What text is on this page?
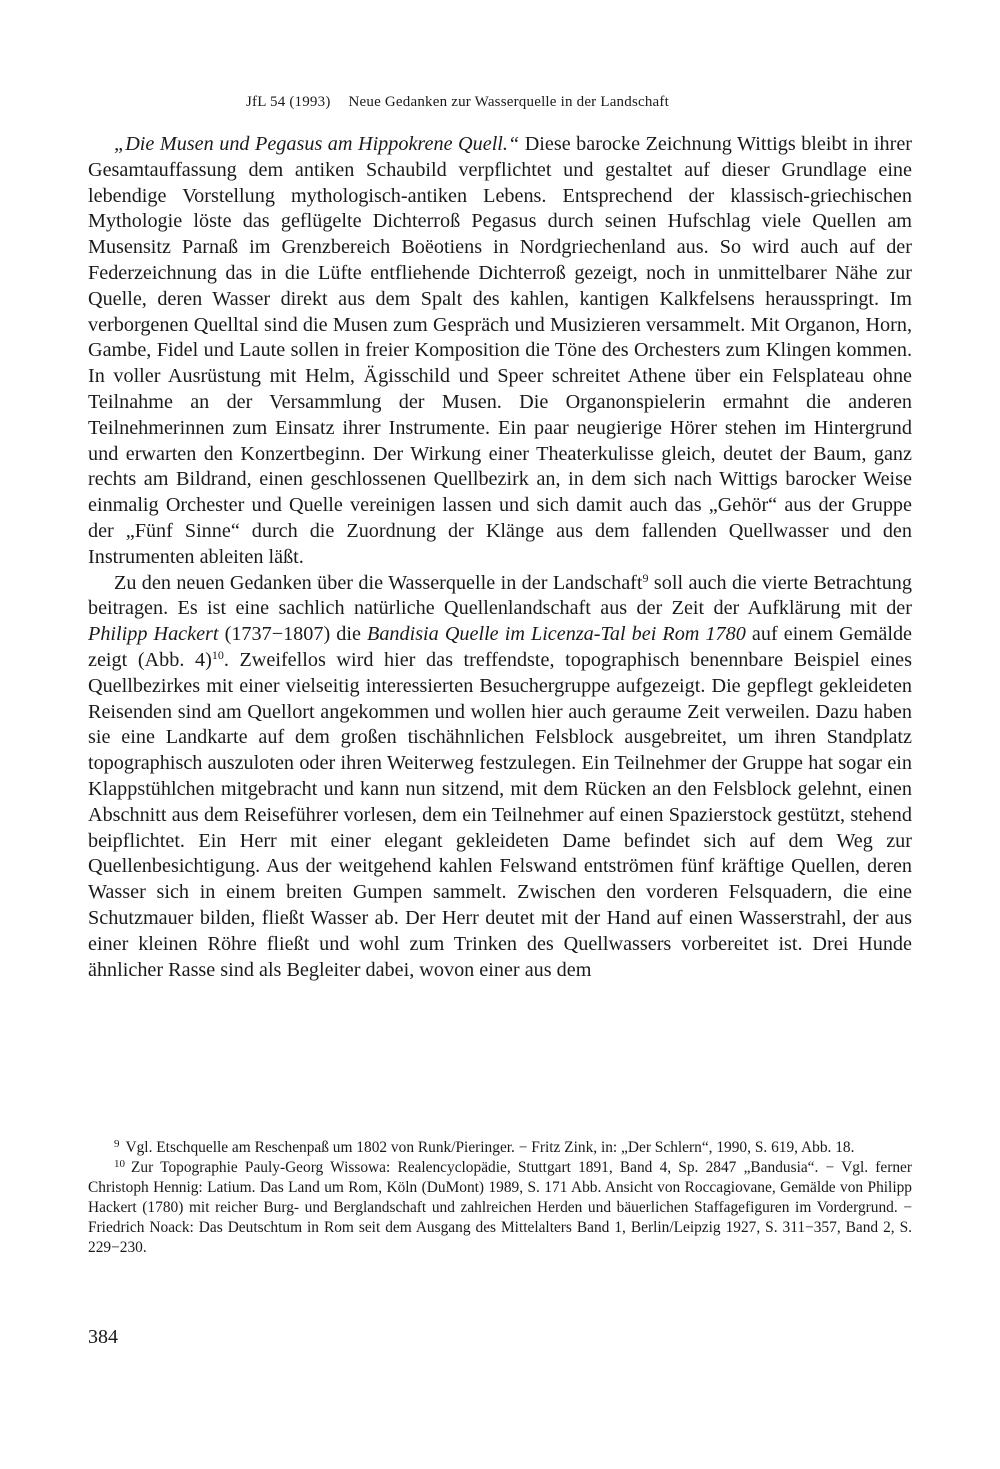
JfL 54 (1993) Neue Gedanken zur Wasserquelle in der Landschaft

„Die Musen und Pegasus am Hippokrene Quell.“ Diese barocke Zeichnung Wittigs bleibt in ihrer Gesamtauffassung dem antiken Schaubild verpflichtet und gestaltet auf dieser Grundlage eine lebendige Vorstellung mythologisch-antiken Lebens. Entsprechend der klassisch-griechischen Mythologie löste das geflügelte Dichterroß Pegasus durch seinen Hufschlag viele Quellen am Musensitz Parnaß im Grenzbereich Boëotiens in Nordgriechenland aus. So wird auch auf der Federzeichnung das in die Lüfte entfliehende Dichterroß gezeigt, noch in unmittelbarer Nähe zur Quelle, deren Wasser direkt aus dem Spalt des kahlen, kantigen Kalkfelsens herausspringt. Im verborgenen Quelltal sind die Musen zum Gespräch und Musizieren versammelt. Mit Organon, Horn, Gambe, Fidel und Laute sollen in freier Komposition die Töne des Orchesters zum Klingen kommen. In voller Ausrüstung mit Helm, Ägisschild und Speer schreitet Athene über ein Felsplateau ohne Teilnahme an der Versammlung der Musen. Die Organonspielerin ermahnt die anderen Teilnehmerinnen zum Einsatz ihrer Instrumente. Ein paar neugierige Hörer stehen im Hintergrund und erwarten den Konzertbeginn. Der Wirkung einer Theaterkulisse gleich, deutet der Baum, ganz rechts am Bildrand, einen geschlossenen Quellbezirk an, in dem sich nach Wittigs barocker Weise einmalig Orchester und Quelle vereinigen lassen und sich damit auch das „Gehör“ aus der Gruppe der „Fünf Sinne“ durch die Zuordnung der Klänge aus dem fallenden Quellwasser und den Instrumenten ableiten läßt.

Zu den neuen Gedanken über die Wasserquelle in der Landschaft$^9$ soll auch die vierte Betrachtung beitragen. Es ist eine sachlich natürliche Quellenlandschaft aus der Zeit der Aufklärung mit der Philipp Hackert (1737−1807) die Bandisia Quelle im Licenza-Tal bei Rom 1780 auf einem Gemälde zeigt (Abb. 4)$^{10}$. Zweifellos wird hier das treffendste, topographisch benennbare Beispiel eines Quellbezirkes mit einer vielseitig interessierten Besuchergruppe aufgezeigt. Die gepflegt gekleideten Reisenden sind am Quellort angekommen und wollen hier auch geraume Zeit verweilen. Dazu haben sie eine Landkarte auf dem großen tischähnlichen Felsblock ausgebreitet, um ihren Standplatz topographisch auszuloten oder ihren Weiterweg festzulegen. Ein Teilnehmer der Gruppe hat sogar ein Klappstühlchen mitgebracht und kann nun sitzend, mit dem Rücken an den Felsblock gelehnt, einen Abschnitt aus dem Reiseführer vorlesen, dem ein Teilnehmer auf einen Spazierstock gestützt, stehend beipflichtet. Ein Herr mit einer elegant gekleideten Dame befindet sich auf dem Weg zur Quellenbesichtigung. Aus der weitgehend kahlen Felswand entströmen fünf kräftige Quellen, deren Wasser sich in einem breiten Gumpen sammelt. Zwischen den vorderen Felsquadern, die eine Schutzmauer bilden, fließt Wasser ab. Der Herr deutet mit der Hand auf einen Wasserstrahl, der aus einer kleinen Röhre fließt und wohl zum Trinken des Quellwassers vorbereitet ist. Drei Hunde ähnlicher Rasse sind als Begleiter dabei, wovon einer aus dem

$^9$ Vgl. Etschquelle am Reschenpaß um 1802 von Runk/Pieringer. − Fritz Zink, in: „Der Schlern“, 1990, S. 619, Abb. 18.

$^{10}$ Zur Topographie Pauly-Georg Wissowa: Realencyclopädie, Stuttgart 1891, Band 4, Sp. 2847 „Bandusia“. − Vgl. ferner Christoph Hennig: Latium. Das Land um Rom, Köln (DuMont) 1989, S. 171 Abb. Ansicht von Roccagiovane, Gemälde von Philipp Hackert (1780) mit reicher Burg- und Berglandschaft und zahlreichen Herden und bäuerlichen Staffagefiguren im Vordergrund. − Friedrich Noack: Das Deutschtum in Rom seit dem Ausgang des Mittelalters Band 1, Berlin/Leipzig 1927, S. 311−357, Band 2, S. 229−230.

384
